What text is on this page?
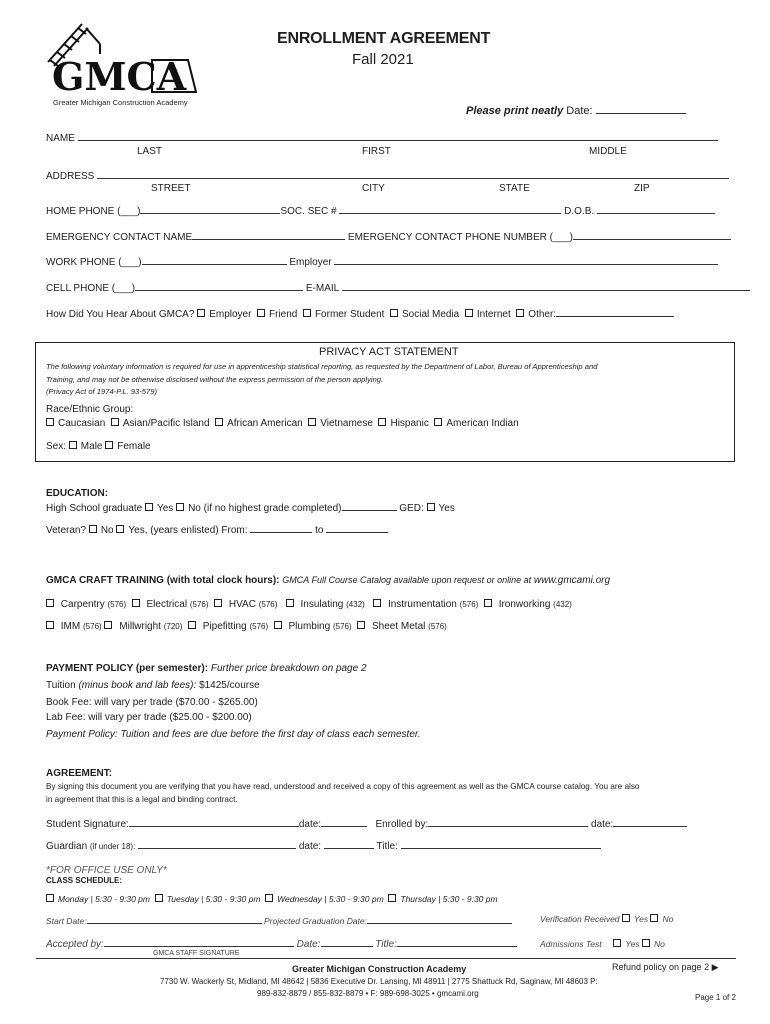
GMCA
Greater Michigan Construction Academy
ENROLLMENT AGREEMENT
Fall 2021
Please print neatly Date:
NAME
LAST	FIRST	MIDDLE
ADDRESS
STREET	CITY	STATE	ZIP
HOME PHONE (___)	SOC. SEC #	D.O.B.
EMERGENCY CONTACT NAME	EMERGENCY CONTACT PHONE NUMBER (___)
WORK PHONE (___)	Employer
CELL PHONE (___)	E-MAIL
How Did You Hear About GMCA? Employer Friend Former Student Social Media Internet Other:
PRIVACY ACT STATEMENT
The following voluntary information is required for use in apprenticeship statistical reporting, as requested by the Department of Labor, Bureau of Apprenticeship and
Training, and may not be otherwise disclosed without the express permission of the person applying.
(Privacy Act of 1974-P.L. 93-579)
Race/Ethnic Group:
Caucasian Asian/Pacific Island African American Vietnamese Hispanic American Indian
Sex: Male Female
EDUCATION:
High School graduate Yes No (if no highest grade completed)	GED: Yes
Veteran? No Yes, (years enlisted) From:	to
GMCA CRAFT TRAINING (with total clock hours): GMCA Full Course Catalog available upon request or online at www.gmcami.org
Carpentry (576) Electrical (576) HVAC (576) Insulating (432) Instrumentation (576) Ironworking (432)
IMM (576) Millwright (720) Pipefitting (576) Plumbing (576) Sheet Metal (576)
PAYMENT POLICY (per semester): Further price breakdown on page 2
Tuition (minus book and lab fees): $1425/course
Book Fee: will vary per trade ($70.00 - $265.00)
Lab Fee: will vary per trade ($25.00 - $200.00)
Payment Policy: Tuition and fees are due before the first day of class each semester.
AGREEMENT:
By signing this document you are verifying that you have read, understood and received a copy of this agreement as well as the GMCA course catalog. You are also
in agreement that this is a legal and binding contract.
Student Signature:	date:	Enrolled by:	date:
Guardian (if under 18):	date:	Title:
*FOR OFFICE USE ONLY*
CLASS SCHEDULE:
Monday | 5:30 - 9:30 pm Tuesday | 5:30 - 9:30 pm Wednesday | 5:30 - 9:30 pm Thursday | 5:30 - 9:30 pm
Start Date:	Projected Graduation Date:	Verification Received Yes No
Accepted by:	Date:	Title:	Admissions Test	Yes No
GMCA STAFF SIGNATURE
Greater Michigan Construction Academy	Refund policy on page 2 ▶
7730 W. Wackerly St, Midland, MI 48642 | 5836 Executive Dr. Lansing, MI 48911 | 2775 Shattuck Rd, Saginaw, MI 48603 P:
989-832-8879 / 855-832-8879 • F: 989-698-3025 • gmcami.org	Page 1 of 2
